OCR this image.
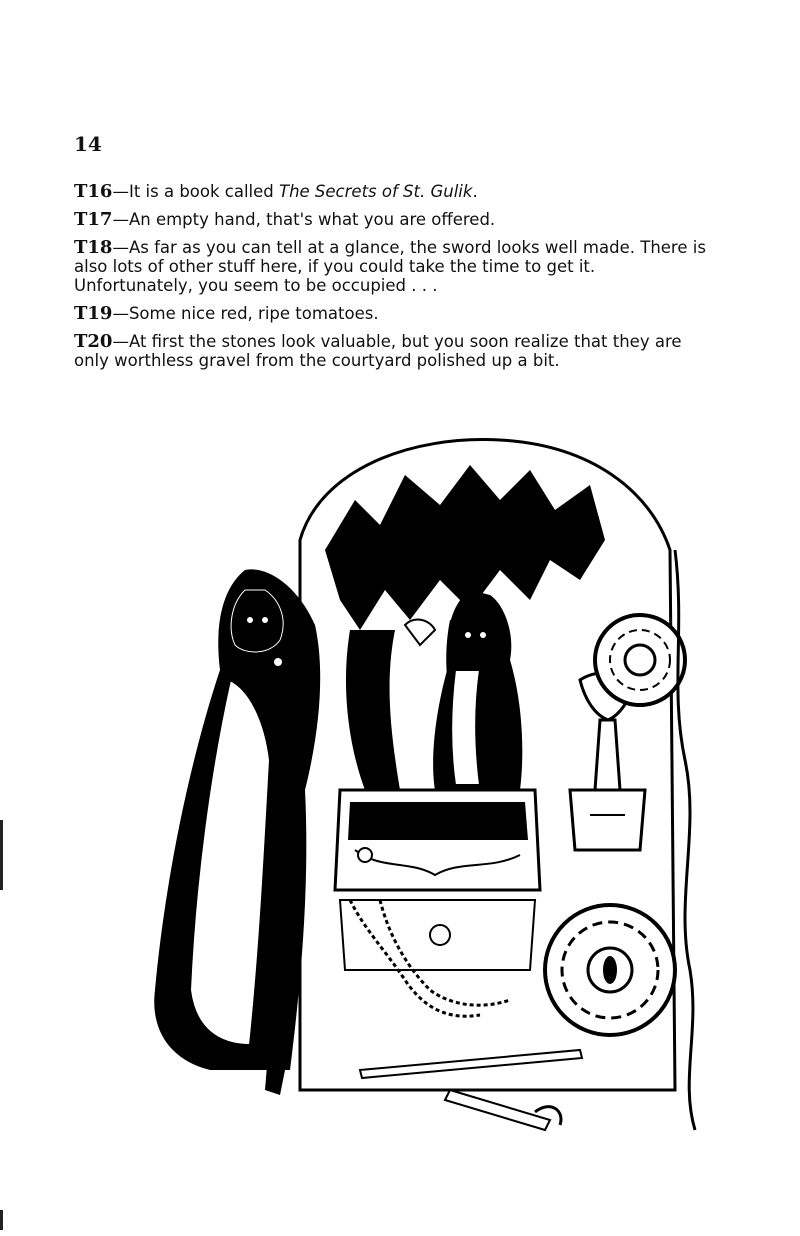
14

T16—It is a book called The Secrets of St. Gulik.

T17—An empty hand, that's what you are offered.

T18—As far as you can tell at a glance, the sword looks well made. There is also lots of other stuff here, if you could take the time to get it. Unfortunately, you seem to be occupied . . .

T19—Some nice red, ripe tomatoes.

T20—At first the stones look valuable, but you soon realize that they are only worthless gravel from the courtyard polished up a bit.
